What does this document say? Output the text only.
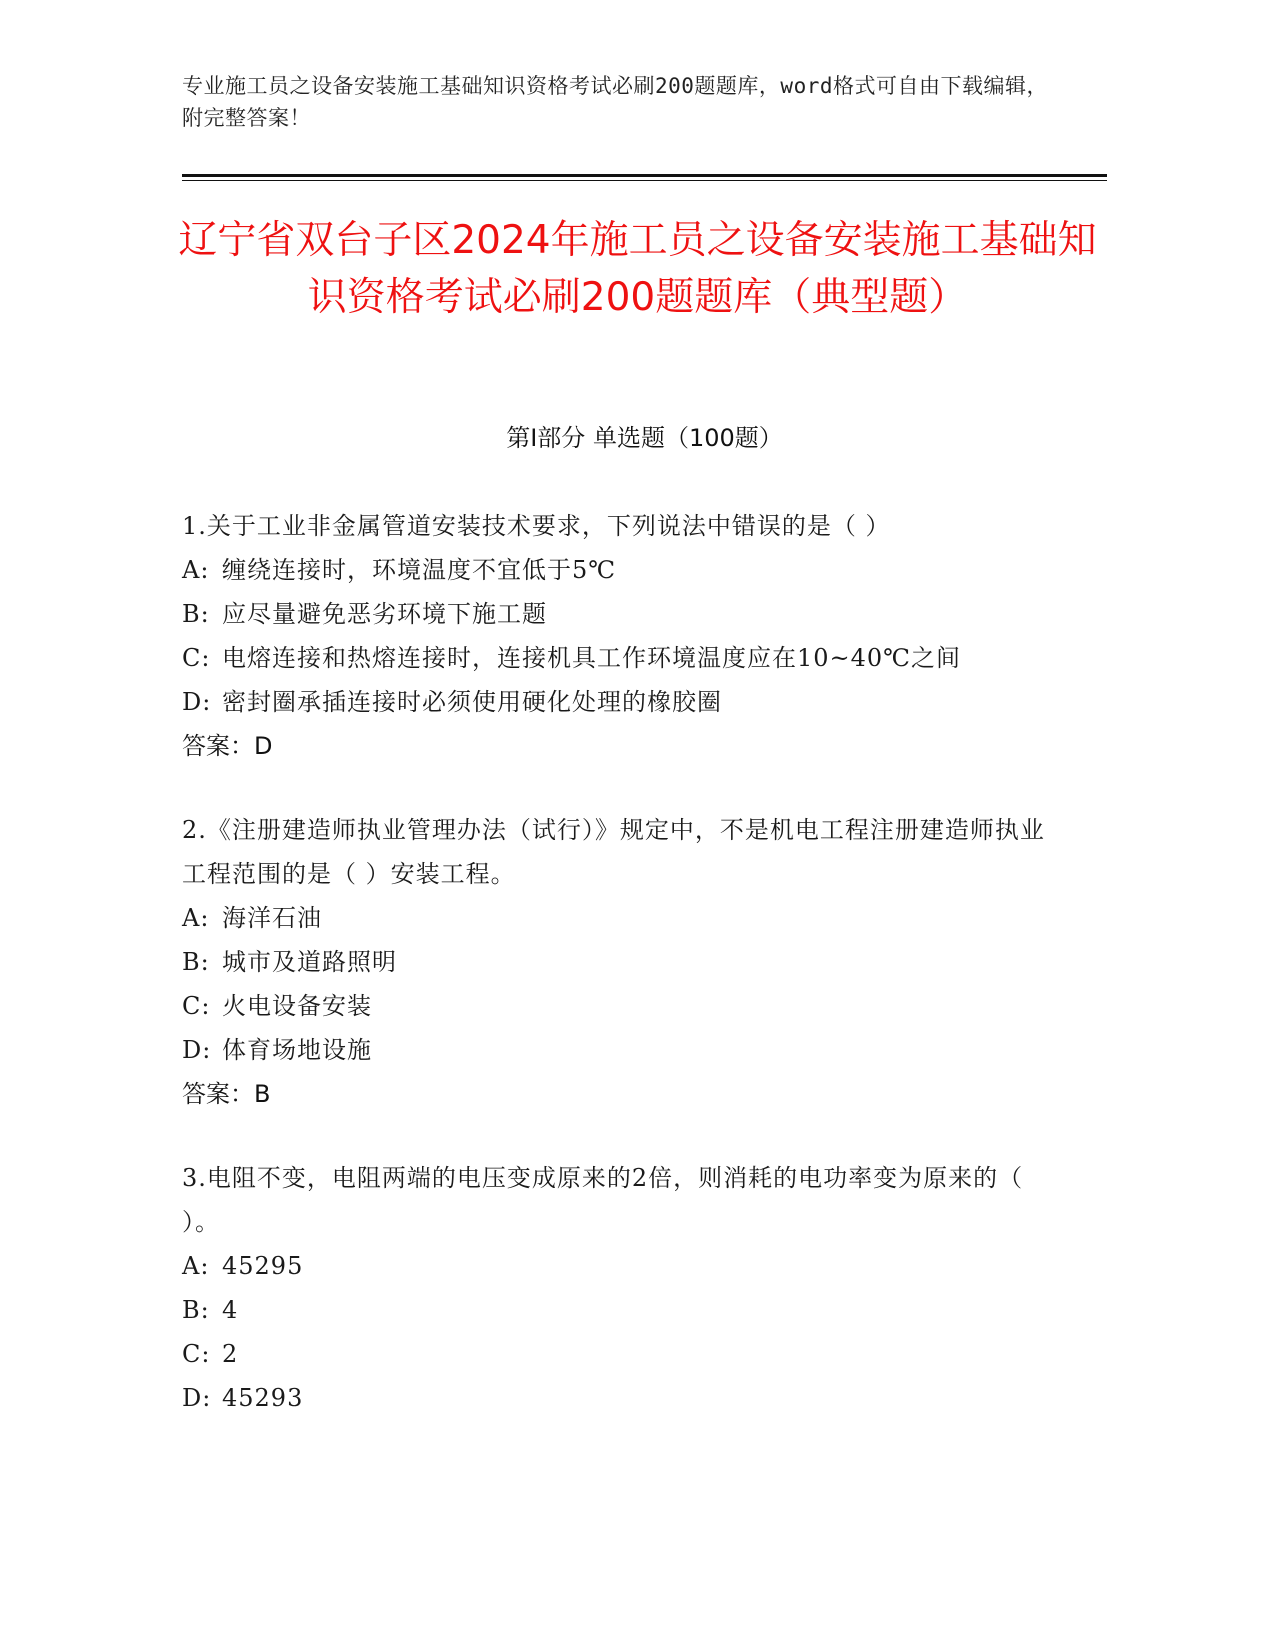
专业施工员之设备安装施工基础知识资格考试必刷200题题库，word格式可自由下载编辑，附完整答案！
辽宁省双台子区2024年施工员之设备安装施工基础知识资格考试必刷200题题库（典型题）
第I部分 单选题（100题）
1.关于工业非金属管道安装技术要求，下列说法中错误的是（ ）
A: 缠绕连接时，环境温度不宜低于5℃
B: 应尽量避免恶劣环境下施工题
C: 电熔连接和热熔连接时，连接机具工作环境温度应在10~40℃之间
D: 密封圈承插连接时必须使用硬化处理的橡胶圈
答案：D
2.《注册建造师执业管理办法（试行）》规定中，不是机电工程注册建造师执业工程范围的是（ ）安装工程。
A: 海洋石油
B: 城市及道路照明
C: 火电设备安装
D: 体育场地设施
答案：B
3.电阻不变，电阻两端的电压变成原来的2倍，则消耗的电功率变为原来的（ ）。
A: 45295
B: 4
C: 2
D: 45293
